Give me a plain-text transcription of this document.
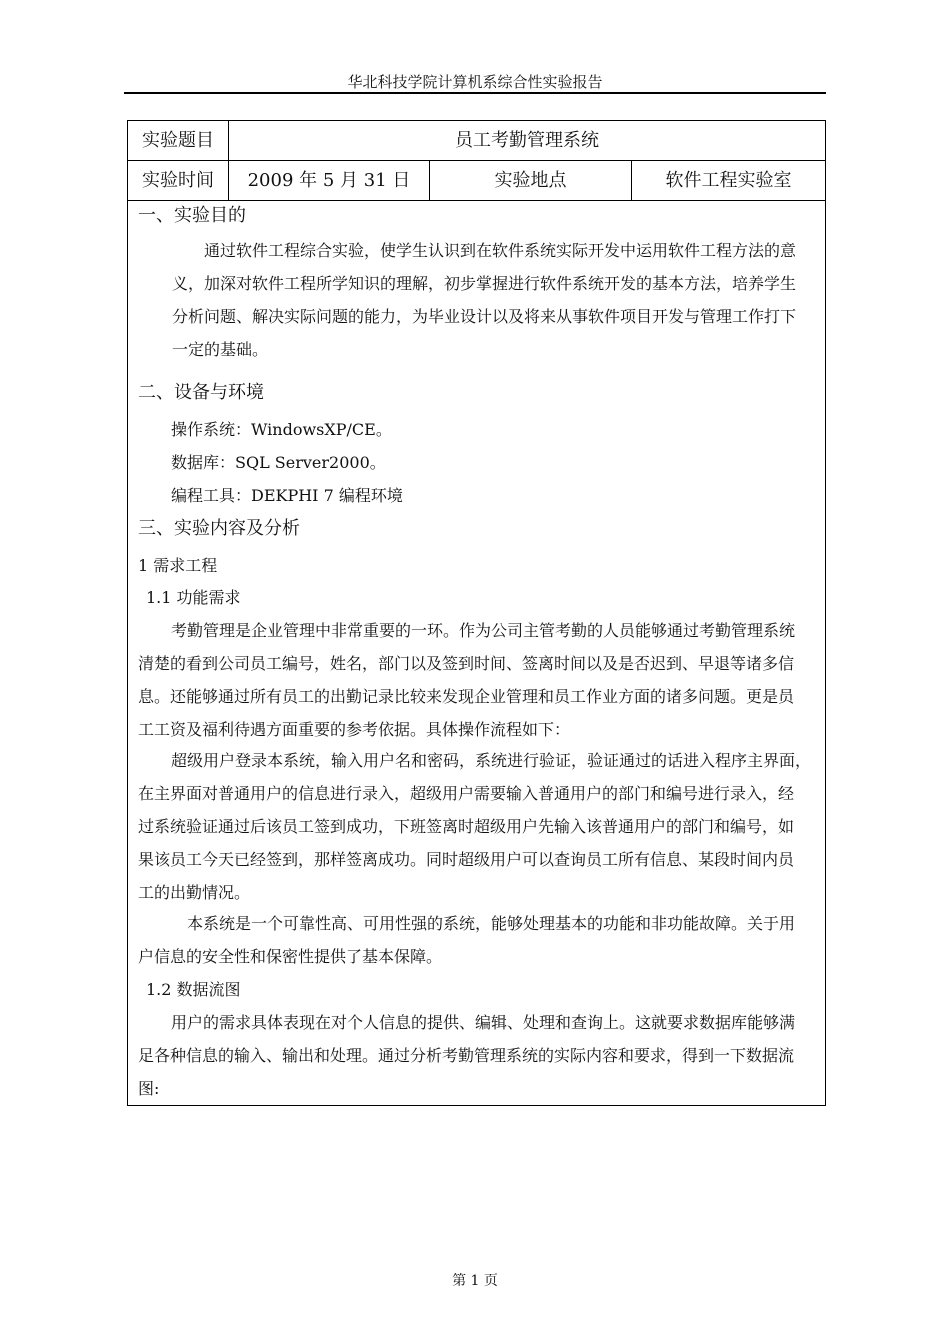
华北科技学院计算机系综合性实验报告
实验题目	员工考勤管理系统
实验时间	2009 年 5 月 31 日	实验地点	软件工程实验室
一、实验目的
通过软件工程综合实验，使学生认识到在软件系统实际开发中运用软件工程方法的意
义，加深对软件工程所学知识的理解，初步掌握进行软件系统开发的基本方法，培养学生
分析问题、解决实际问题的能力，为毕业设计以及将来从事软件项目开发与管理工作打下
一定的基础。
二、设备与环境
操作系统：WindowsXP/CE。
数据库：SQL Server2000。
编程工具：DEKPHI 7 编程环境
三、实验内容及分析
1 需求工程
1.1 功能需求
考勤管理是企业管理中非常重要的一环。作为公司主管考勤的人员能够通过考勤管理系统
清楚的看到公司员工编号，姓名，部门以及签到时间、签离时间以及是否迟到、早退等诸多信
息。还能够通过所有员工的出勤记录比较来发现企业管理和员工作业方面的诸多问题。更是员
工工资及福利待遇方面重要的参考依据。具体操作流程如下：
超级用户登录本系统，输入用户名和密码，系统进行验证，验证通过的话进入程序主界面，
在主界面对普通用户的信息进行录入，超级用户需要输入普通用户的部门和编号进行录入，经
过系统验证通过后该员工签到成功，下班签离时超级用户先输入该普通用户的部门和编号，如
果该员工今天已经签到，那样签离成功。同时超级用户可以查询员工所有信息、某段时间内员
工的出勤情况。
本系统是一个可靠性高、可用性强的系统，能够处理基本的功能和非功能故障。关于用
户信息的安全性和保密性提供了基本保障。
1.2 数据流图
用户的需求具体表现在对个人信息的提供、编辑、处理和查询上。这就要求数据库能够满
足各种信息的输入、输出和处理。通过分析考勤管理系统的实际内容和要求，得到一下数据流
图:
第 1 页
